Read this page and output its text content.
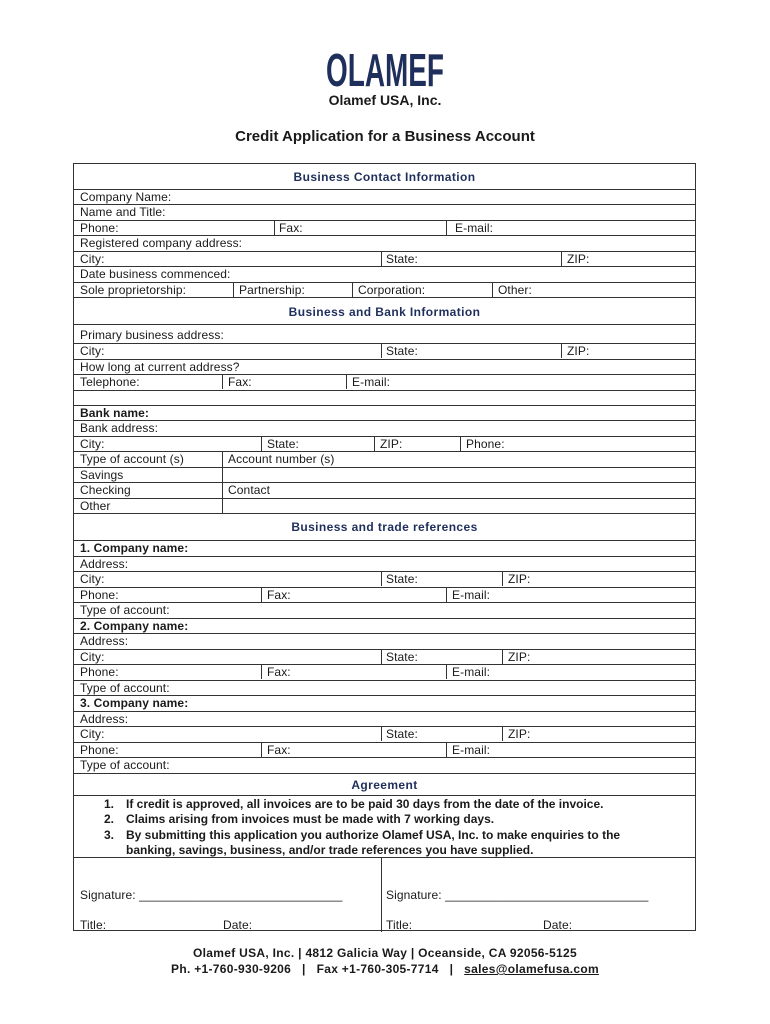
OLAMEF
Olamef USA, Inc.
Credit Application for a Business Account
Business Contact Information
Company Name:
Name and Title:
Phone:	Fax:	E-mail:
Registered company address:
City:	State:	ZIP:
Date business commenced:
Sole proprietorship:	Partnership:	Corporation:	Other:
Business and Bank Information
Primary business address:
City:	State:	ZIP:
How long at current address?
Telephone:	Fax:	E-mail:
Bank name:
Bank address:
City:	State:	ZIP:	Phone:
Type of account (s)	Account number (s)
Savings
Checking	Contact
Other
Business and trade references
1. Company name:
Address:
City:	State:	ZIP:
Phone:	Fax:	E-mail:
Type of account:
2. Company name:
Address:
City:	State:	ZIP:
Phone:	Fax:	E-mail:
Type of account:
3. Company name:
Address:
City:	State:	ZIP:
Phone:	Fax:	E-mail:
Type of account:
Agreement
1. If credit is approved, all invoices are to be paid 30 days from the date of the invoice.
2. Claims arising from invoices must be made with 7 working days.
3. By submitting this application you authorize Olamef USA, Inc. to make enquiries to the
banking, savings, business, and/or trade references you have supplied.
Signature: ______________________________	Signature: ______________________________
Title:	Date:	Title:	Date:
Olamef USA, Inc. | 4812 Galicia Way | Oceanside, CA 92056-5125
Ph. +1-760-930-9206   |   Fax +1-760-305-7714   |   sales@olamefusa.com
